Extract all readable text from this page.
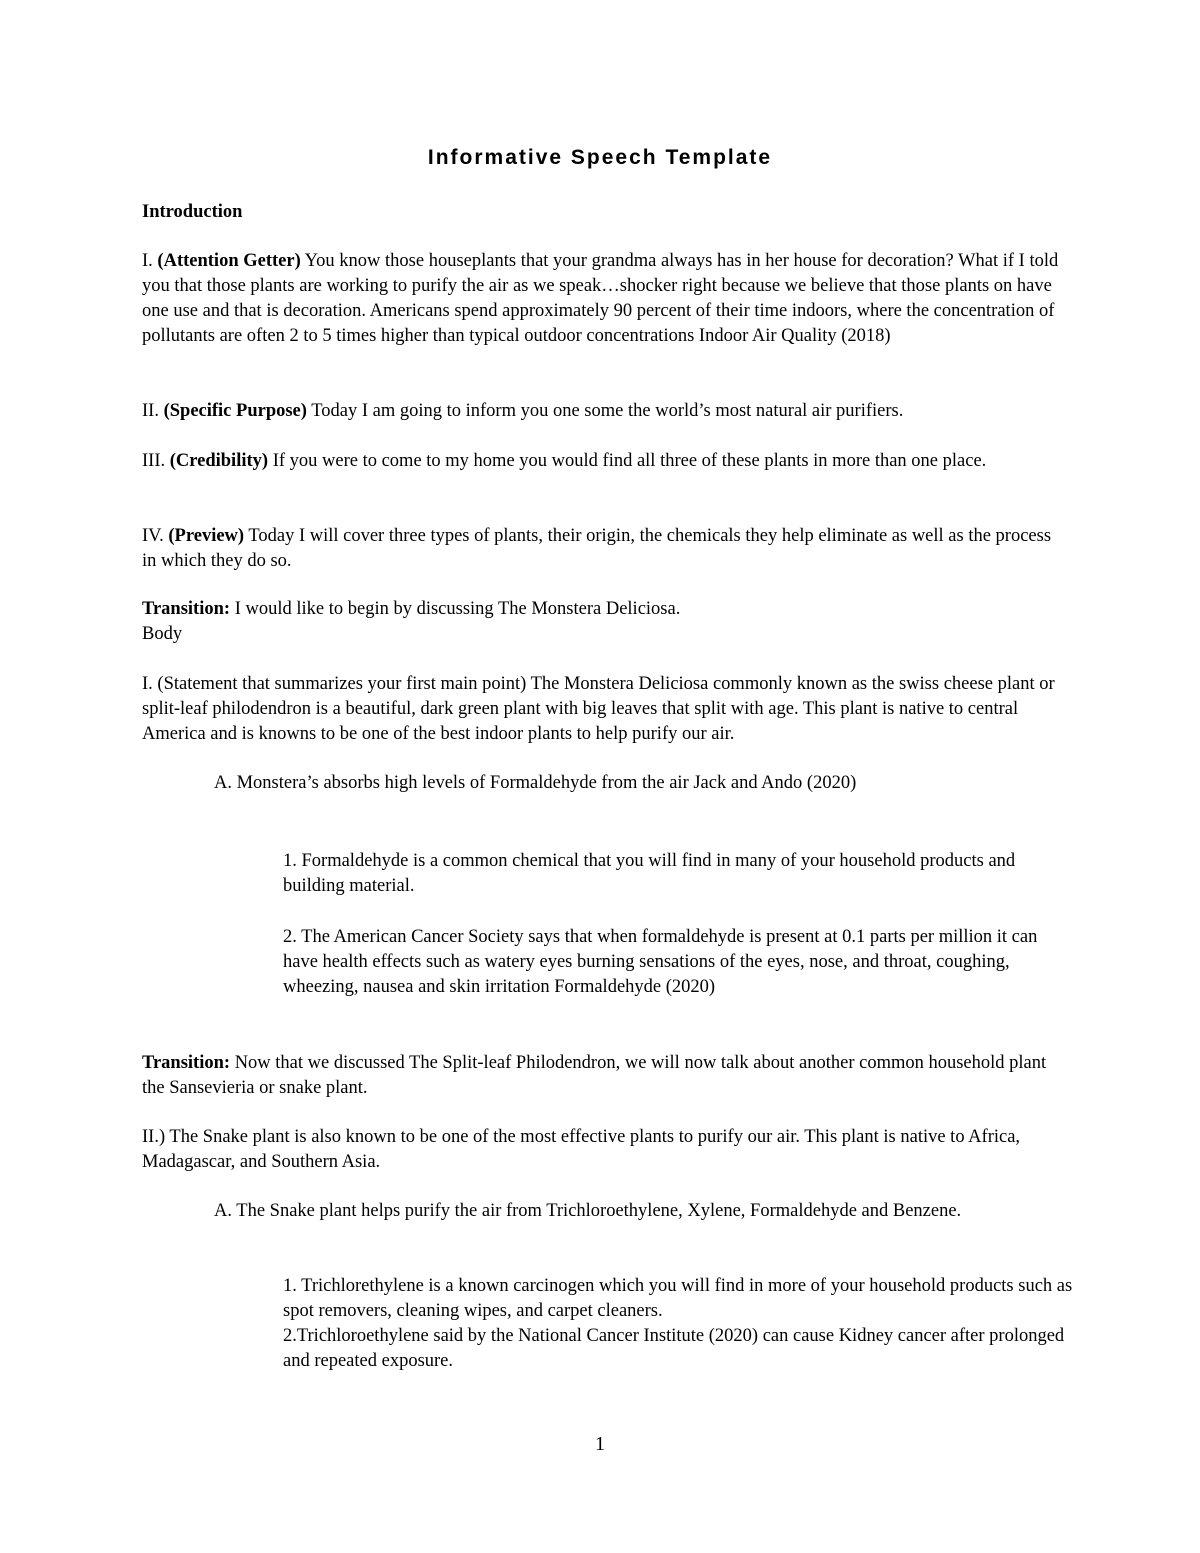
Informative Speech Template
Introduction

I. (Attention Getter) You know those houseplants that your grandma always has in her house for decoration? What if I told you that those plants are working to purify the air as we speak…shocker right because we believe that those plants on have one use and that is decoration. Americans spend approximately 90 percent of their time indoors, where the concentration of pollutants are often 2 to 5 times higher than typical outdoor concentrations Indoor Air Quality (2018)

II. (Specific Purpose) Today I am going to inform you one some the world’s most natural air purifiers.

III. (Credibility) If you were to come to my home you would find all three of these plants in more than one place.

IV. (Preview) Today I will cover three types of plants, their origin, the chemicals they help eliminate as well as the process in which they do so.

Transition: I would like to begin by discussing The Monstera Deliciosa.

Body

I. (Statement that summarizes your first main point) The Monstera Deliciosa commonly known as the swiss cheese plant or split-leaf philodendron is a beautiful, dark green plant with big leaves that split with age. This plant is native to central America and is knowns to be one of the best indoor plants to help purify our air.

A. Monstera’s absorbs high levels of Formaldehyde from the air Jack and Ando (2020)

1. Formaldehyde is a common chemical that you will find in many of your household products and building material.

2. The American Cancer Society says that when formaldehyde is present at 0.1 parts per million it can have health effects such as watery eyes burning sensations of the eyes, nose, and throat, coughing, wheezing, nausea and skin irritation Formaldehyde (2020)

Transition: Now that we discussed The Split-leaf Philodendron, we will now talk about another common household plant the Sansevieria or snake plant.

II.) The Snake plant is also known to be one of the most effective plants to purify our air. This plant is native to Africa, Madagascar, and Southern Asia.

A. The Snake plant helps purify the air from Trichloroethylene, Xylene, Formaldehyde and Benzene.

1. Trichlorethylene is a known carcinogen which you will find in more of your household products such as spot removers, cleaning wipes, and carpet cleaners.

2.Trichloroethylene said by the National Cancer Institute (2020) can cause Kidney cancer after prolonged and repeated exposure.

1
